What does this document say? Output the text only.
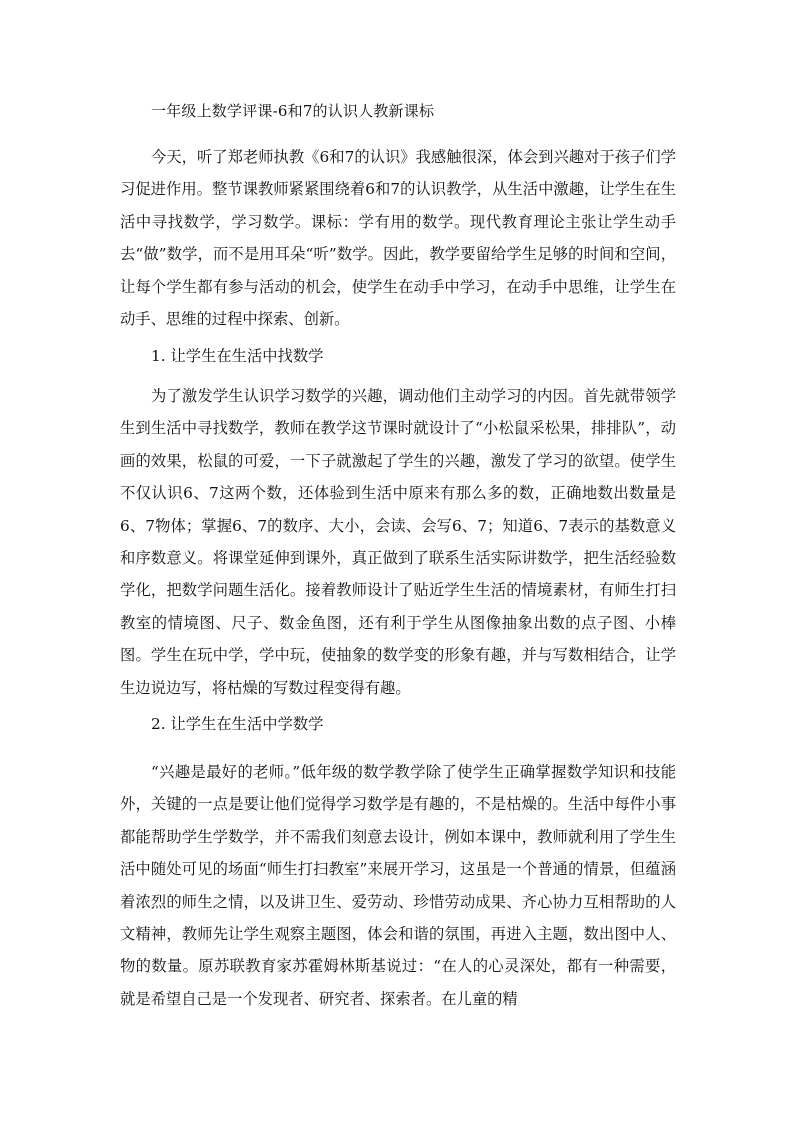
一年级上数学评课-6和7的认识人教新课标

今天，听了郑老师执教《6和7的认识》我感触很深，体会到兴趣对于孩子们学习促进作用。整节课教师紧紧围绕着6和7的认识教学，从生活中激趣，让学生在生活中寻找数学，学习数学。课标：学有用的数学。现代教育理论主张让学生动手去“做”数学，而不是用耳朵“听”数学。因此，教学要留给学生足够的时间和空间，让每个学生都有参与活动的机会，使学生在动手中学习，在动手中思维，让学生在动手、思维的过程中探索、创新。

1. 让学生在生活中找数学

为了激发学生认识学习数学的兴趣，调动他们主动学习的内因。首先就带领学生到生活中寻找数学，教师在教学这节课时就设计了“小松鼠采松果，排排队”，动画的效果，松鼠的可爱，一下子就激起了学生的兴趣，激发了学习的欲望。使学生不仅认识6、7这两个数，还体验到生活中原来有那么多的数，正确地数出数量是6、7物体；掌握6、7的数序、大小，会读、会写6、7；知道6、7表示的基数意义和序数意义。将课堂延伸到课外，真正做到了联系生活实际讲数学，把生活经验数学化，把数学问题生活化。接着教师设计了贴近学生生活的情境素材，有师生打扫教室的情境图、尺子、数金鱼图，还有利于学生从图像抽象出数的点子图、小棒图。学生在玩中学，学中玩，使抽象的数学变的形象有趣，并与写数相结合，让学生边说边写，将枯燥的写数过程变得有趣。

2. 让学生在生活中学数学

“兴趣是最好的老师。”低年级的数学教学除了使学生正确掌握数学知识和技能外，关键的一点是要让他们觉得学习数学是有趣的，不是枯燥的。生活中每件小事都能帮助学生学数学，并不需我们刻意去设计，例如本课中，教师就利用了学生生活中随处可见的场面“师生打扫教室”来展开学习，这虽是一个普通的情景，但蕴涵着浓烈的师生之情，以及讲卫生、爱劳动、珍惜劳动成果、齐心协力互相帮助的人文精神，教师先让学生观察主题图，体会和谐的氛围，再进入主题，数出图中人、物的数量。原苏联教育家苏霍姆林斯基说过：“在人的心灵深处，都有一种需要，就是希望自己是一个发现者、研究者、探索者。在儿童的精
